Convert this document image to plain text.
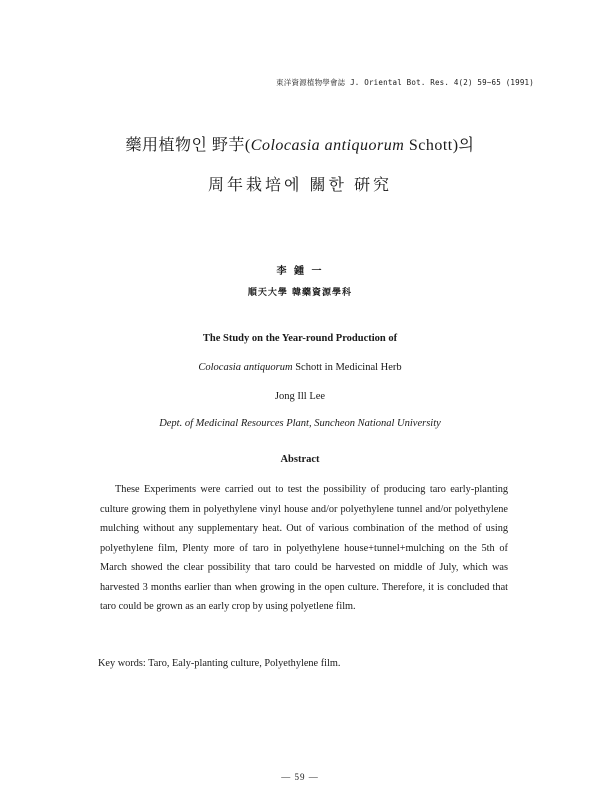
東洋資源植物學會誌 J. Oriental Bot. Res. 4(2) 59~65 (1991)
藥用植物인 野芋(Colocasia antiquorum Schott)의
周年栽培에 關한 硏究
李 鍾 一
順天大學 韓藥資源學科
The Study on the Year-round Production of
Colocasia antiquorum Schott in Medicinal Herb
Jong Ill Lee
Dept. of Medicinal Resources Plant, Suncheon National University
Abstract

These Experiments were carried out to test the possibility of producing taro early-planting culture growing them in polyethylene vinyl house and/or polyethylene tunnel and/or polyethylene mulching without any supplementary heat. Out of various combination of the method of using polyethylene film, Plenty more of taro in polyethylene house+tunnel+mulching on the 5th of March showed the clear possibility that taro could be harvested on middle of July, which was harvested 3 months earlier than when growing in the open culture. Therefore, it is concluded that taro could be grown as an early crop by using polyetlene film.

Key words: Taro, Ealy-planting culture, Polyethylene film.
— 59 —
